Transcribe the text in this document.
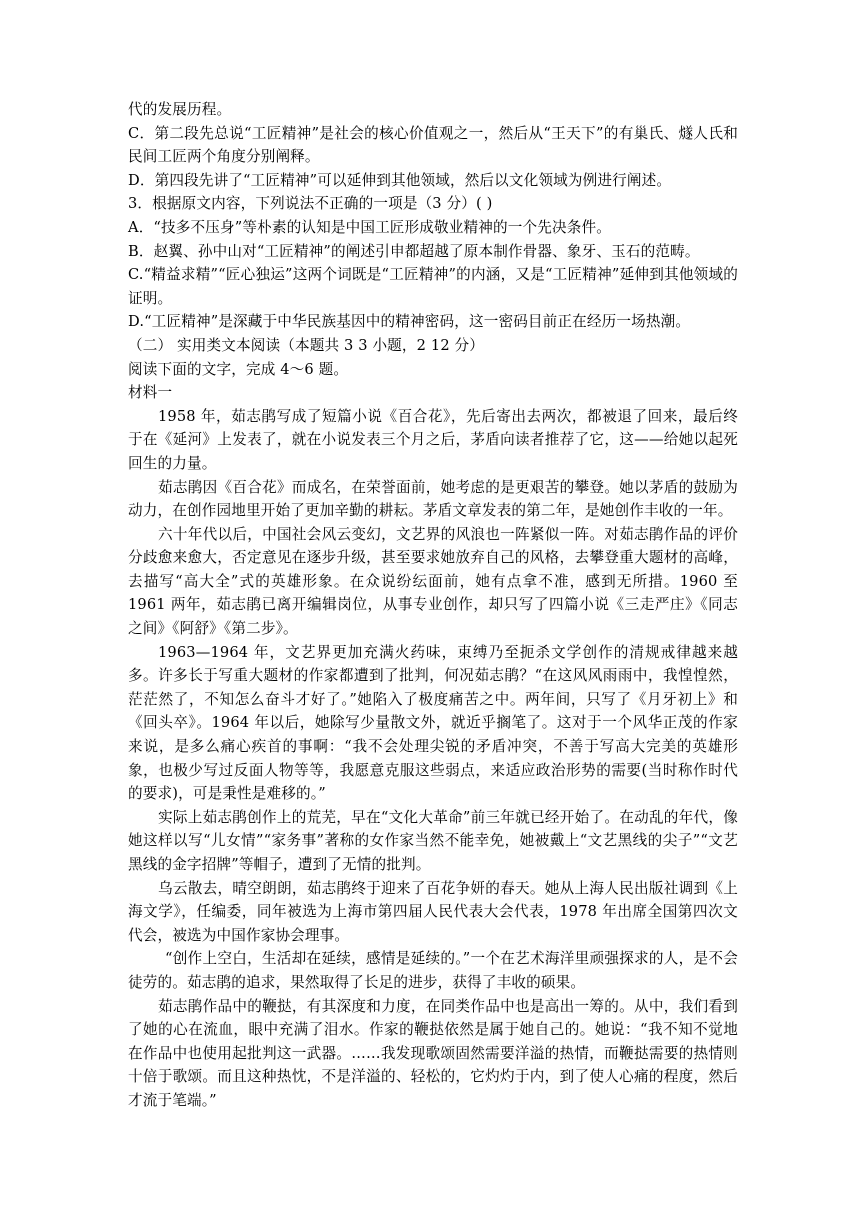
代的发展历程。

C．第二段先总说“工匠精神”是社会的核心价值观之一，然后从“王天下”的有巢氏、燧人氏和民间工匠两个角度分别阐释。

D．第四段先讲了“工匠精神”可以延伸到其他领域，然后以文化领域为例进行阐述。

3．根据原文内容，下列说法不正确的一项是（3 分）( )

A．“技多不压身”等朴素的认知是中国工匠形成敬业精神的一个先决条件。

B．赵翼、孙中山对“工匠精神”的阐述引申都超越了原本制作骨器、象牙、玉石的范畴。

C.“精益求精”“匠心独运”这两个词既是“工匠精神”的内涵，又是“工匠精神”延伸到其他领域的证明。

D.“工匠精神”是深藏于中华民族基因中的精神密码，这一密码目前正在经历一场热潮。

（二） 实用类文本阅读（本题共 3 3 小题，2 12 分）

阅读下面的文字，完成 4～6 题。

材料一

1958 年，茹志鹃写成了短篇小说《百合花》，先后寄出去两次，都被退了回来，最后终于在《延河》上发表了，就在小说发表三个月之后，茅盾向读者推荐了它，这——给她以起死回生的力量。

茹志鹃因《百合花》而成名，在荣誉面前，她考虑的是更艰苦的攀登。她以茅盾的鼓励为动力，在创作园地里开始了更加辛勤的耕耘。茅盾文章发表的第二年，是她创作丰收的一年。

六十年代以后，中国社会风云变幻，文艺界的风浪也一阵紧似一阵。对茹志鹃作品的评价分歧愈来愈大，否定意见在逐步升级，甚至要求她放弃自己的风格，去攀登重大题材的高峰，去描写“高大全”式的英雄形象。在众说纷纭面前，她有点拿不准，感到无所措。1960 至 1961 两年，茹志鹃已离开编辑岗位，从事专业创作，却只写了四篇小说《三走严庄》《同志之间》《阿舒》《第二步》。

1963—1964 年，文艺界更加充满火药味，束缚乃至扼杀文学创作的清规戒律越来越多。许多长于写重大题材的作家都遭到了批判，何况茹志鹃？“在这风风雨雨中，我惶惶然，茫茫然了，不知怎么奋斗才好了。”她陷入了极度痛苦之中。两年间，只写了《月牙初上》和《回头卒》。1964 年以后，她除写少量散文外，就近乎搁笔了。这对于一个风华正茂的作家来说，是多么痛心疾首的事啊：“我不会处理尖锐的矛盾冲突，不善于写高大完美的英雄形象，也极少写过反面人物等等，我愿意克服这些弱点，来适应政治形势的需要(当时称作时代的要求)，可是秉性是难移的。”

实际上茹志鹃创作上的荒芜，早在“文化大革命”前三年就已经开始了。在动乱的年代，像她这样以写“儿女情”“家务事”著称的女作家当然不能幸免，她被戴上“文艺黑线的尖子”“文艺黑线的金字招牌”等帽子，遭到了无情的批判。

乌云散去，晴空朗朗，茹志鹃终于迎来了百花争妍的春天。她从上海人民出版社调到《上海文学》，任编委，同年被选为上海市第四届人民代表大会代表，1978 年出席全国第四次文代会，被选为中国作家协会理事。

“创作上空白，生活却在延续，感情是延续的。”一个在艺术海洋里顽强探求的人，是不会徒劳的。茹志鹃的追求，果然取得了长足的进步，获得了丰收的硕果。

茹志鹃作品中的鞭挞，有其深度和力度，在同类作品中也是高出一筹的。从中，我们看到了她的心在流血，眼中充满了泪水。作家的鞭挞依然是属于她自己的。她说：“我不知不觉地在作品中也使用起批判这一武器。……我发现歌颂固然需要洋溢的热情，而鞭挞需要的热情则十倍于歌颂。而且这种热忱，不是洋溢的、轻松的，它灼灼于内，到了使人心痛的程度，然后才流于笔端。”
